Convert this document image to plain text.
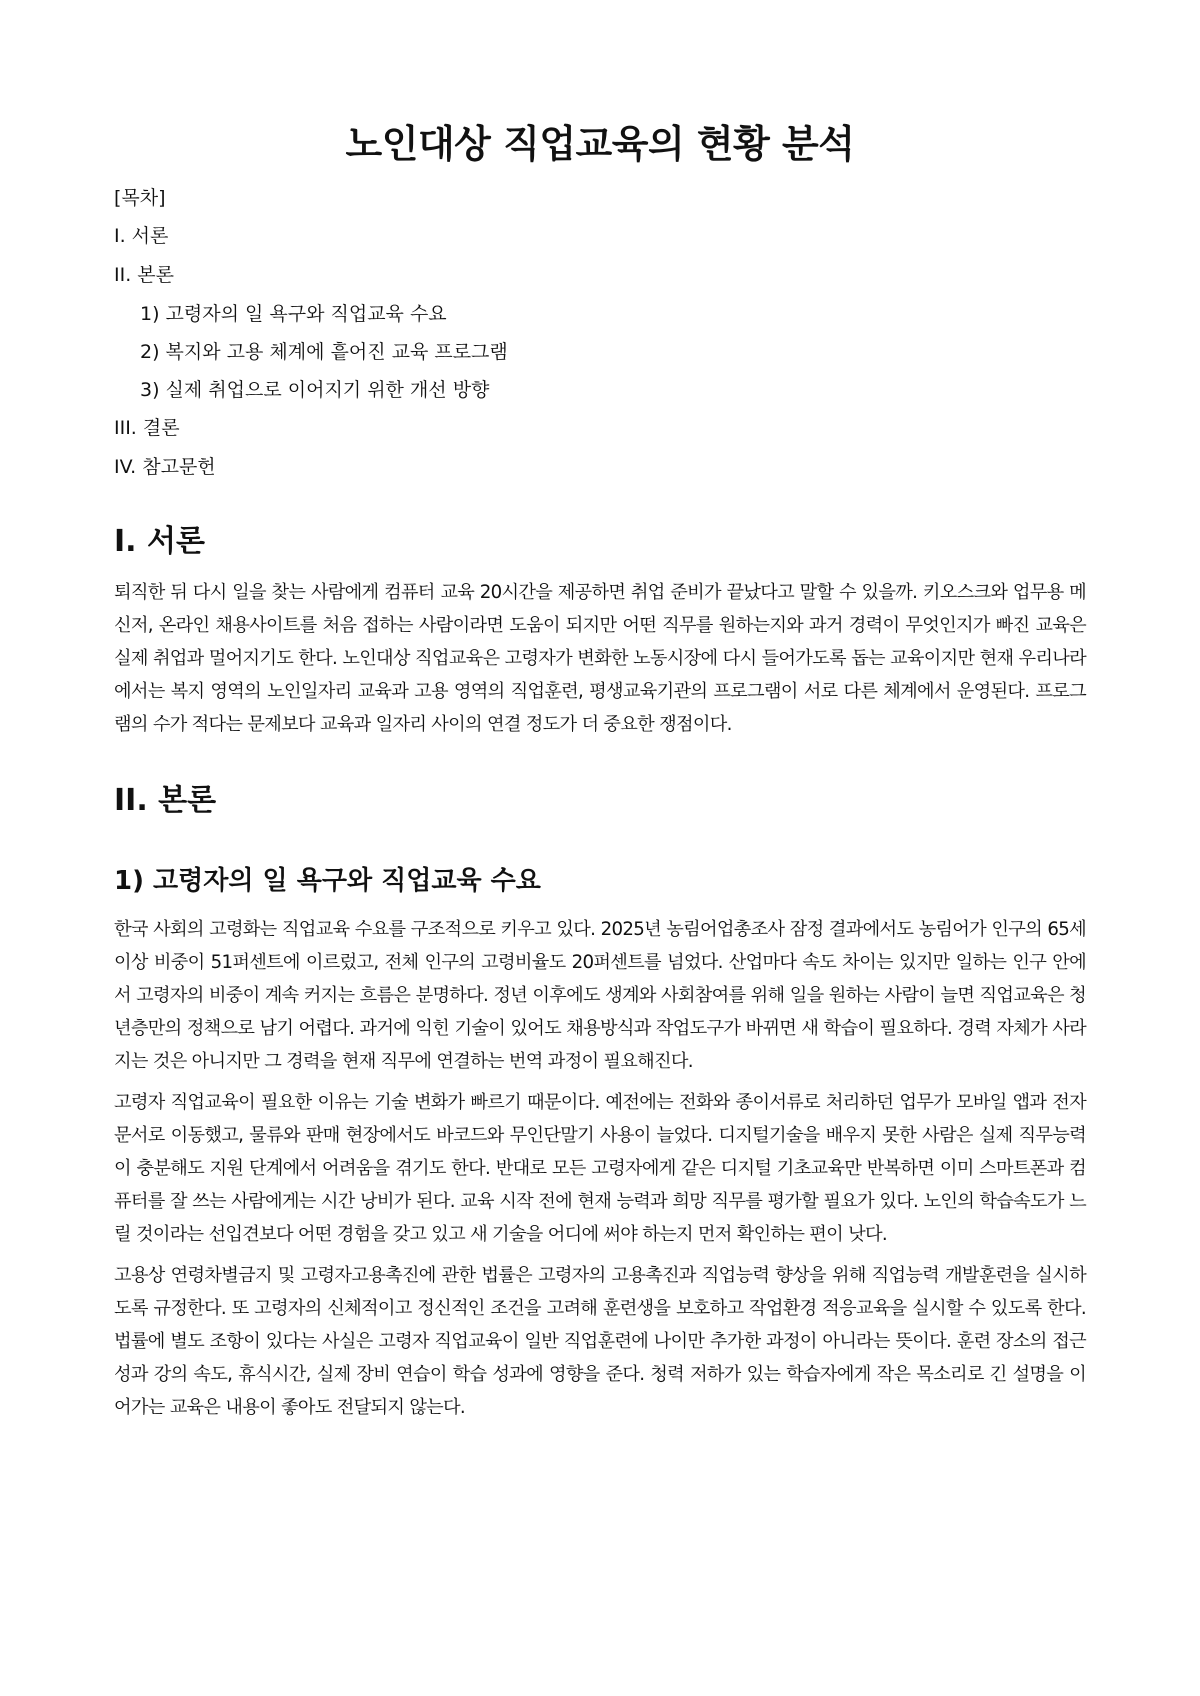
노인대상 직업교육의 현황 분석
[목차]
I. 서론
II. 본론
1) 고령자의 일 욕구와 직업교육 수요
2) 복지와 고용 체계에 흩어진 교육 프로그램
3) 실제 취업으로 이어지기 위한 개선 방향
III. 결론
IV. 참고문헌
I. 서론

퇴직한 뒤 다시 일을 찾는 사람에게 컴퓨터 교육 20시간을 제공하면 취업 준비가 끝났다고 말할 수 있을까. 키오스크와 업무용 메신저, 온라인 채용사이트를 처음 접하는 사람이라면 도움이 되지만 어떤 직무를 원하는지와 과거 경력이 무엇인지가 빠진 교육은 실제 취업과 멀어지기도 한다. 노인대상 직업교육은 고령자가 변화한 노동시장에 다시 들어가도록 돕는 교육이지만 현재 우리나라에서는 복지 영역의 노인일자리 교육과 고용 영역의 직업훈련, 평생교육기관의 프로그램이 서로 다른 체계에서 운영된다. 프로그램의 수가 적다는 문제보다 교육과 일자리 사이의 연결 정도가 더 중요한 쟁점이다.

II. 본론
1) 고령자의 일 욕구와 직업교육 수요

한국 사회의 고령화는 직업교육 수요를 구조적으로 키우고 있다. 2025년 농림어업총조사 잠정 결과에서도 농림어가 인구의 65세 이상 비중이 51퍼센트에 이르렀고, 전체 인구의 고령비율도 20퍼센트를 넘었다. 산업마다 속도 차이는 있지만 일하는 인구 안에서 고령자의 비중이 계속 커지는 흐름은 분명하다. 정년 이후에도 생계와 사회참여를 위해 일을 원하는 사람이 늘면 직업교육은 청년층만의 정책으로 남기 어렵다. 과거에 익힌 기술이 있어도 채용방식과 작업도구가 바뀌면 새 학습이 필요하다. 경력 자체가 사라지는 것은 아니지만 그 경력을 현재 직무에 연결하는 번역 과정이 필요해진다.

고령자 직업교육이 필요한 이유는 기술 변화가 빠르기 때문이다. 예전에는 전화와 종이서류로 처리하던 업무가 모바일 앱과 전자문서로 이동했고, 물류와 판매 현장에서도 바코드와 무인단말기 사용이 늘었다. 디지털기술을 배우지 못한 사람은 실제 직무능력이 충분해도 지원 단계에서 어려움을 겪기도 한다. 반대로 모든 고령자에게 같은 디지털 기초교육만 반복하면 이미 스마트폰과 컴퓨터를 잘 쓰는 사람에게는 시간 낭비가 된다. 교육 시작 전에 현재 능력과 희망 직무를 평가할 필요가 있다. 노인의 학습속도가 느릴 것이라는 선입견보다 어떤 경험을 갖고 있고 새 기술을 어디에 써야 하는지 먼저 확인하는 편이 낫다.

고용상 연령차별금지 및 고령자고용촉진에 관한 법률은 고령자의 고용촉진과 직업능력 향상을 위해 직업능력 개발훈련을 실시하도록 규정한다. 또 고령자의 신체적이고 정신적인 조건을 고려해 훈련생을 보호하고 작업환경 적응교육을 실시할 수 있도록 한다. 법률에 별도 조항이 있다는 사실은 고령자 직업교육이 일반 직업훈련에 나이만 추가한 과정이 아니라는 뜻이다. 훈련 장소의 접근성과 강의 속도, 휴식시간, 실제 장비 연습이 학습 성과에 영향을 준다. 청력 저하가 있는 학습자에게 작은 목소리로 긴 설명을 이어가는 교육은 내용이 좋아도 전달되지 않는다.
